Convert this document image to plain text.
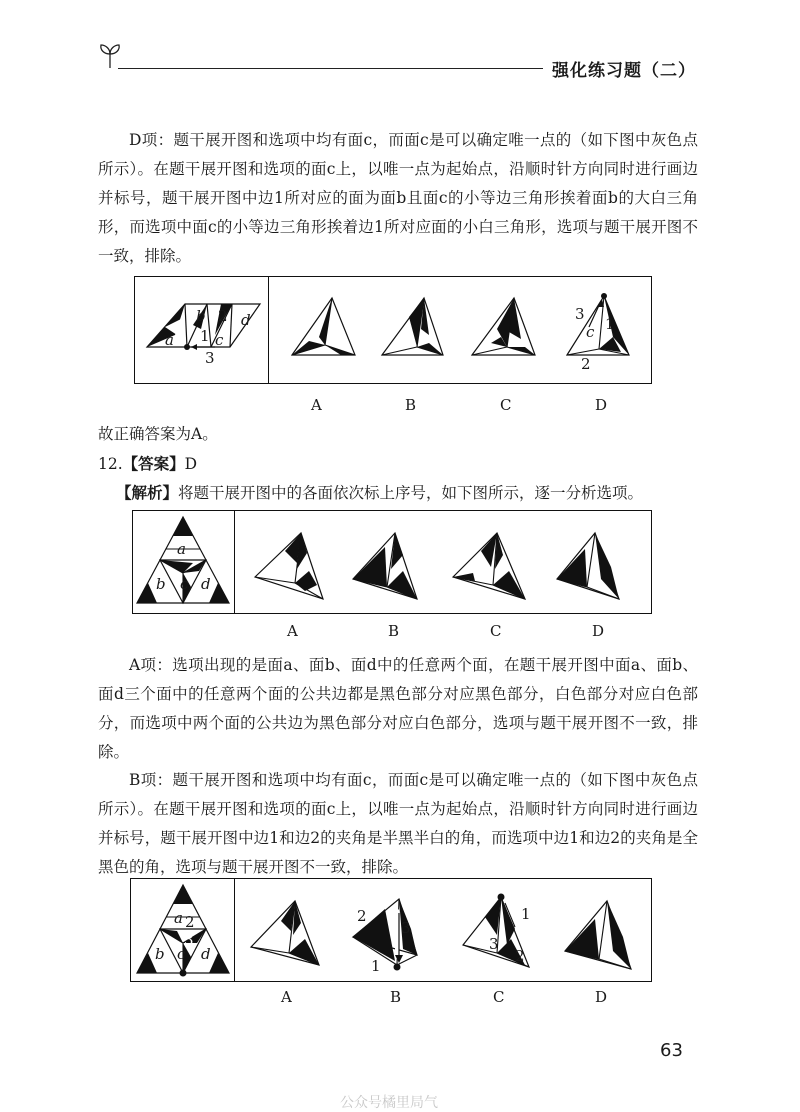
强化练习题（二）

D项：题干展开图和选项中均有面c，而面c是可以确定唯一点的（如下图中灰色点所示）。在题干展开图和选项的面c上，以唯一点为起始点，沿顺时针方向同时进行画边并标号，题干展开图中边1所对应的面为面b且面c的小等边三角形挨着面b的大白三角形，而选项中面c的小等边三角形挨着边1所对应面的小白三角形，选项与题干展开图不一致，排除。

a
b 2 d
1 c
3
3
c 1
2
A	B	C	D

故正确答案为A。

12.【答案】D

【解析】将题干展开图中的各面依次标上序号，如下图所示，逐一分析选项。

a
b c d
A	B	C	D

A项：选项出现的是面a、面b、面d中的任意两个面，在题干展开图中面a、面b、面d三个面中的任意两个面的公共边都是黑色部分对应黑色部分，白色部分对应白色部分，而选项中两个面的公共边为黑色部分对应白色部分，选项与题干展开图不一致，排除。

B项：题干展开图和选项中均有面c，而面c是可以确定唯一点的（如下图中灰色点所示）。在题干展开图和选项的面c上，以唯一点为起始点，沿顺时针方向同时进行画边并标号，题干展开图中边1和边2的夹角是半黑半白的角，而选项中边1和边2的夹角是全黑色的角，选项与题干展开图不一致，排除。

a 2
3
b c d
2
3
1
1
3
2
A	B	C	D
63
公众号橘里局气
